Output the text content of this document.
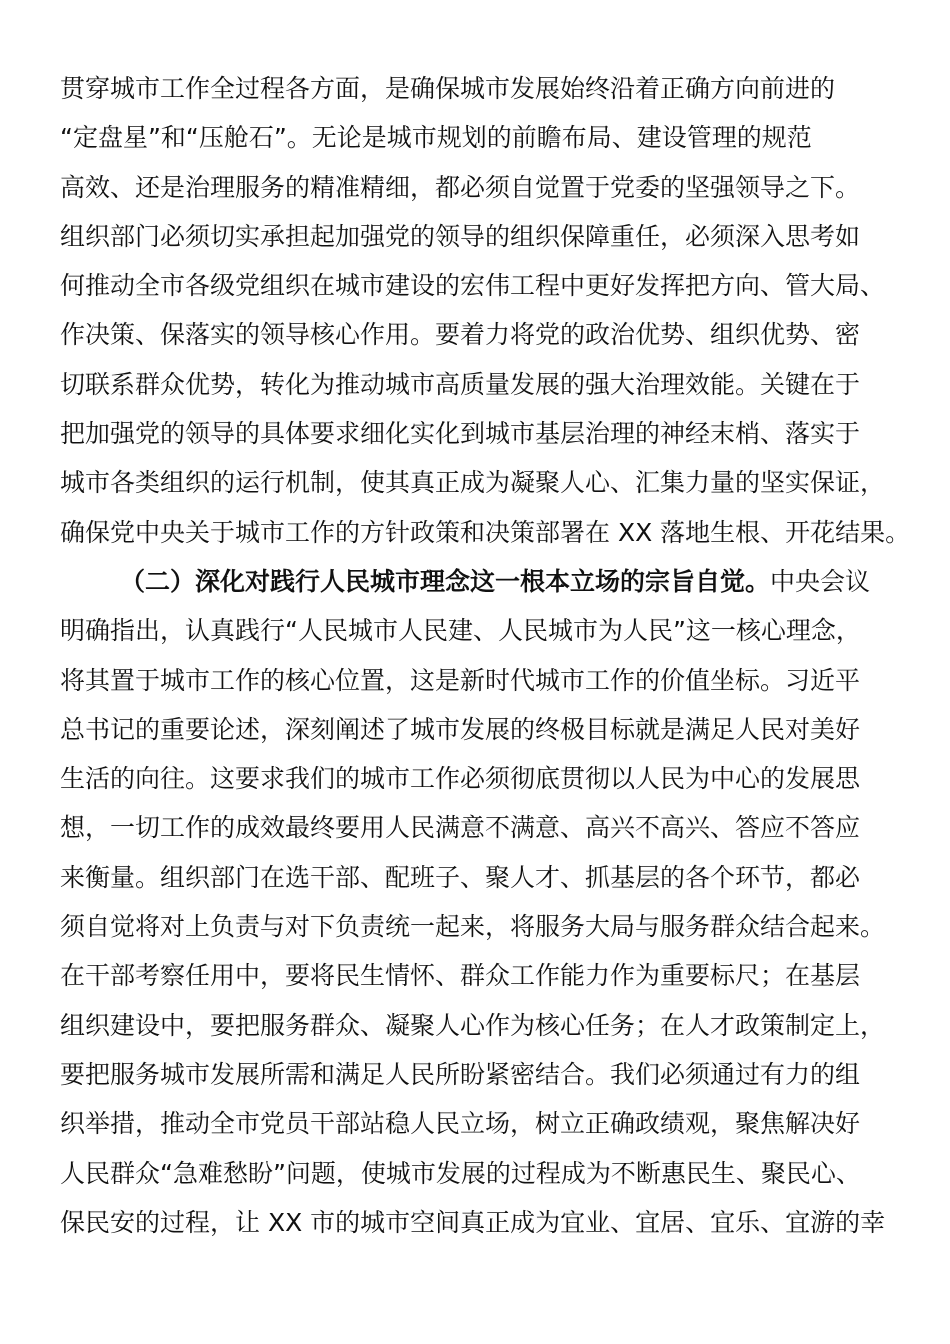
贯穿城市工作全过程各方面，是确保城市发展始终沿着正确方向前进的
“定盘星”和“压舱石”。无论是城市规划的前瞻布局、建设管理的规范
高效、还是治理服务的精准精细，都必须自觉置于党委的坚强领导之下。
组织部门必须切实承担起加强党的领导的组织保障重任，必须深入思考如
何推动全市各级党组织在城市建设的宏伟工程中更好发挥把方向、管大局、
作决策、保落实的领导核心作用。要着力将党的政治优势、组织优势、密
切联系群众优势，转化为推动城市高质量发展的强大治理效能。关键在于
把加强党的领导的具体要求细化实化到城市基层治理的神经末梢、落实于
城市各类组织的运行机制，使其真正成为凝聚人心、汇集力量的坚实保证，
确保党中央关于城市工作的方针政策和决策部署在 XX 落地生根、开花结果。
（二）深化对践行人民城市理念这一根本立场的宗旨自觉。中央会议
明确指出，认真践行“人民城市人民建、人民城市为人民”这一核心理念，
将其置于城市工作的核心位置，这是新时代城市工作的价值坐标。习近平
总书记的重要论述，深刻阐述了城市发展的终极目标就是满足人民对美好
生活的向往。这要求我们的城市工作必须彻底贯彻以人民为中心的发展思
想，一切工作的成效最终要用人民满意不满意、高兴不高兴、答应不答应
来衡量。组织部门在选干部、配班子、聚人才、抓基层的各个环节，都必
须自觉将对上负责与对下负责统一起来，将服务大局与服务群众结合起来。
在干部考察任用中，要将民生情怀、群众工作能力作为重要标尺；在基层
组织建设中，要把服务群众、凝聚人心作为核心任务；在人才政策制定上，
要把服务城市发展所需和满足人民所盼紧密结合。我们必须通过有力的组
织举措，推动全市党员干部站稳人民立场，树立正确政绩观，聚焦解决好
人民群众“急难愁盼”问题，使城市发展的过程成为不断惠民生、聚民心、
保民安的过程，让 XX 市的城市空间真正成为宜业、宜居、宜乐、宜游的幸
